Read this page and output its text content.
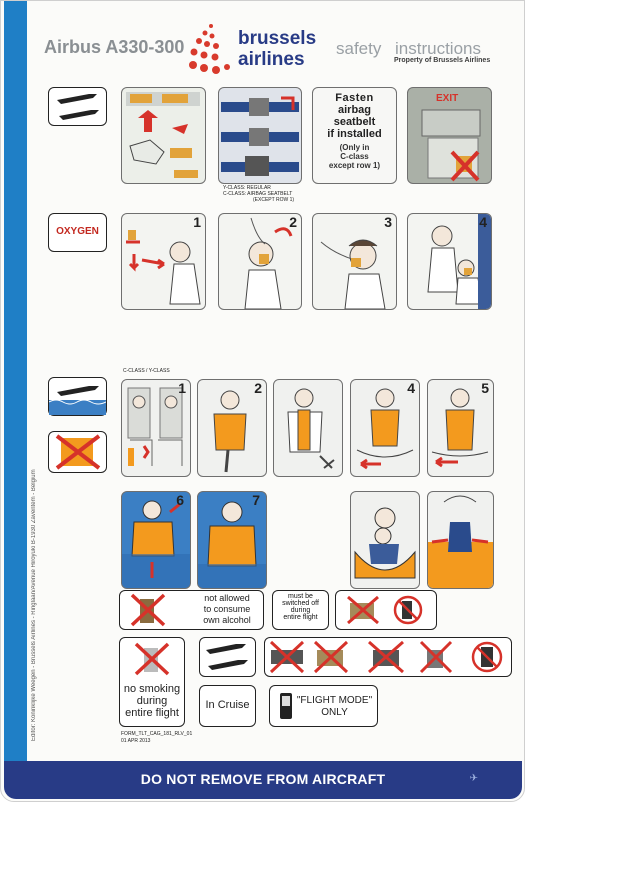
Editor: Koninklijke Weegen - Brussels Airlines - Ringlaan/Avenue Hiroyuki B-1930 Zaventem - Belgium
Airbus A330-300	brussels
airlines
safety instructions
Property of Brussels Airlines
Y-CLASS: REGULAR
C-CLASS: AIRBAG SEATBELT
(EXCEPT ROW 1)
Fasten
airbag
seatbelt
if installed
(Only in
C-class
except row 1)
EXIT
OXYGEN
1	2	3	4
C-CLASS / Y-CLASS
1	2	4	5
6	7
not allowed
to consume
own alcohol
must be
switched off
during
entire flight
no smoking
during
entire flight
In Cruise	"FLIGHT MODE"
ONLY
FORM_TLT_CAG_181_RLV_01
01 APR 2013
DO NOT REMOVE FROM AIRCRAFT	✈
